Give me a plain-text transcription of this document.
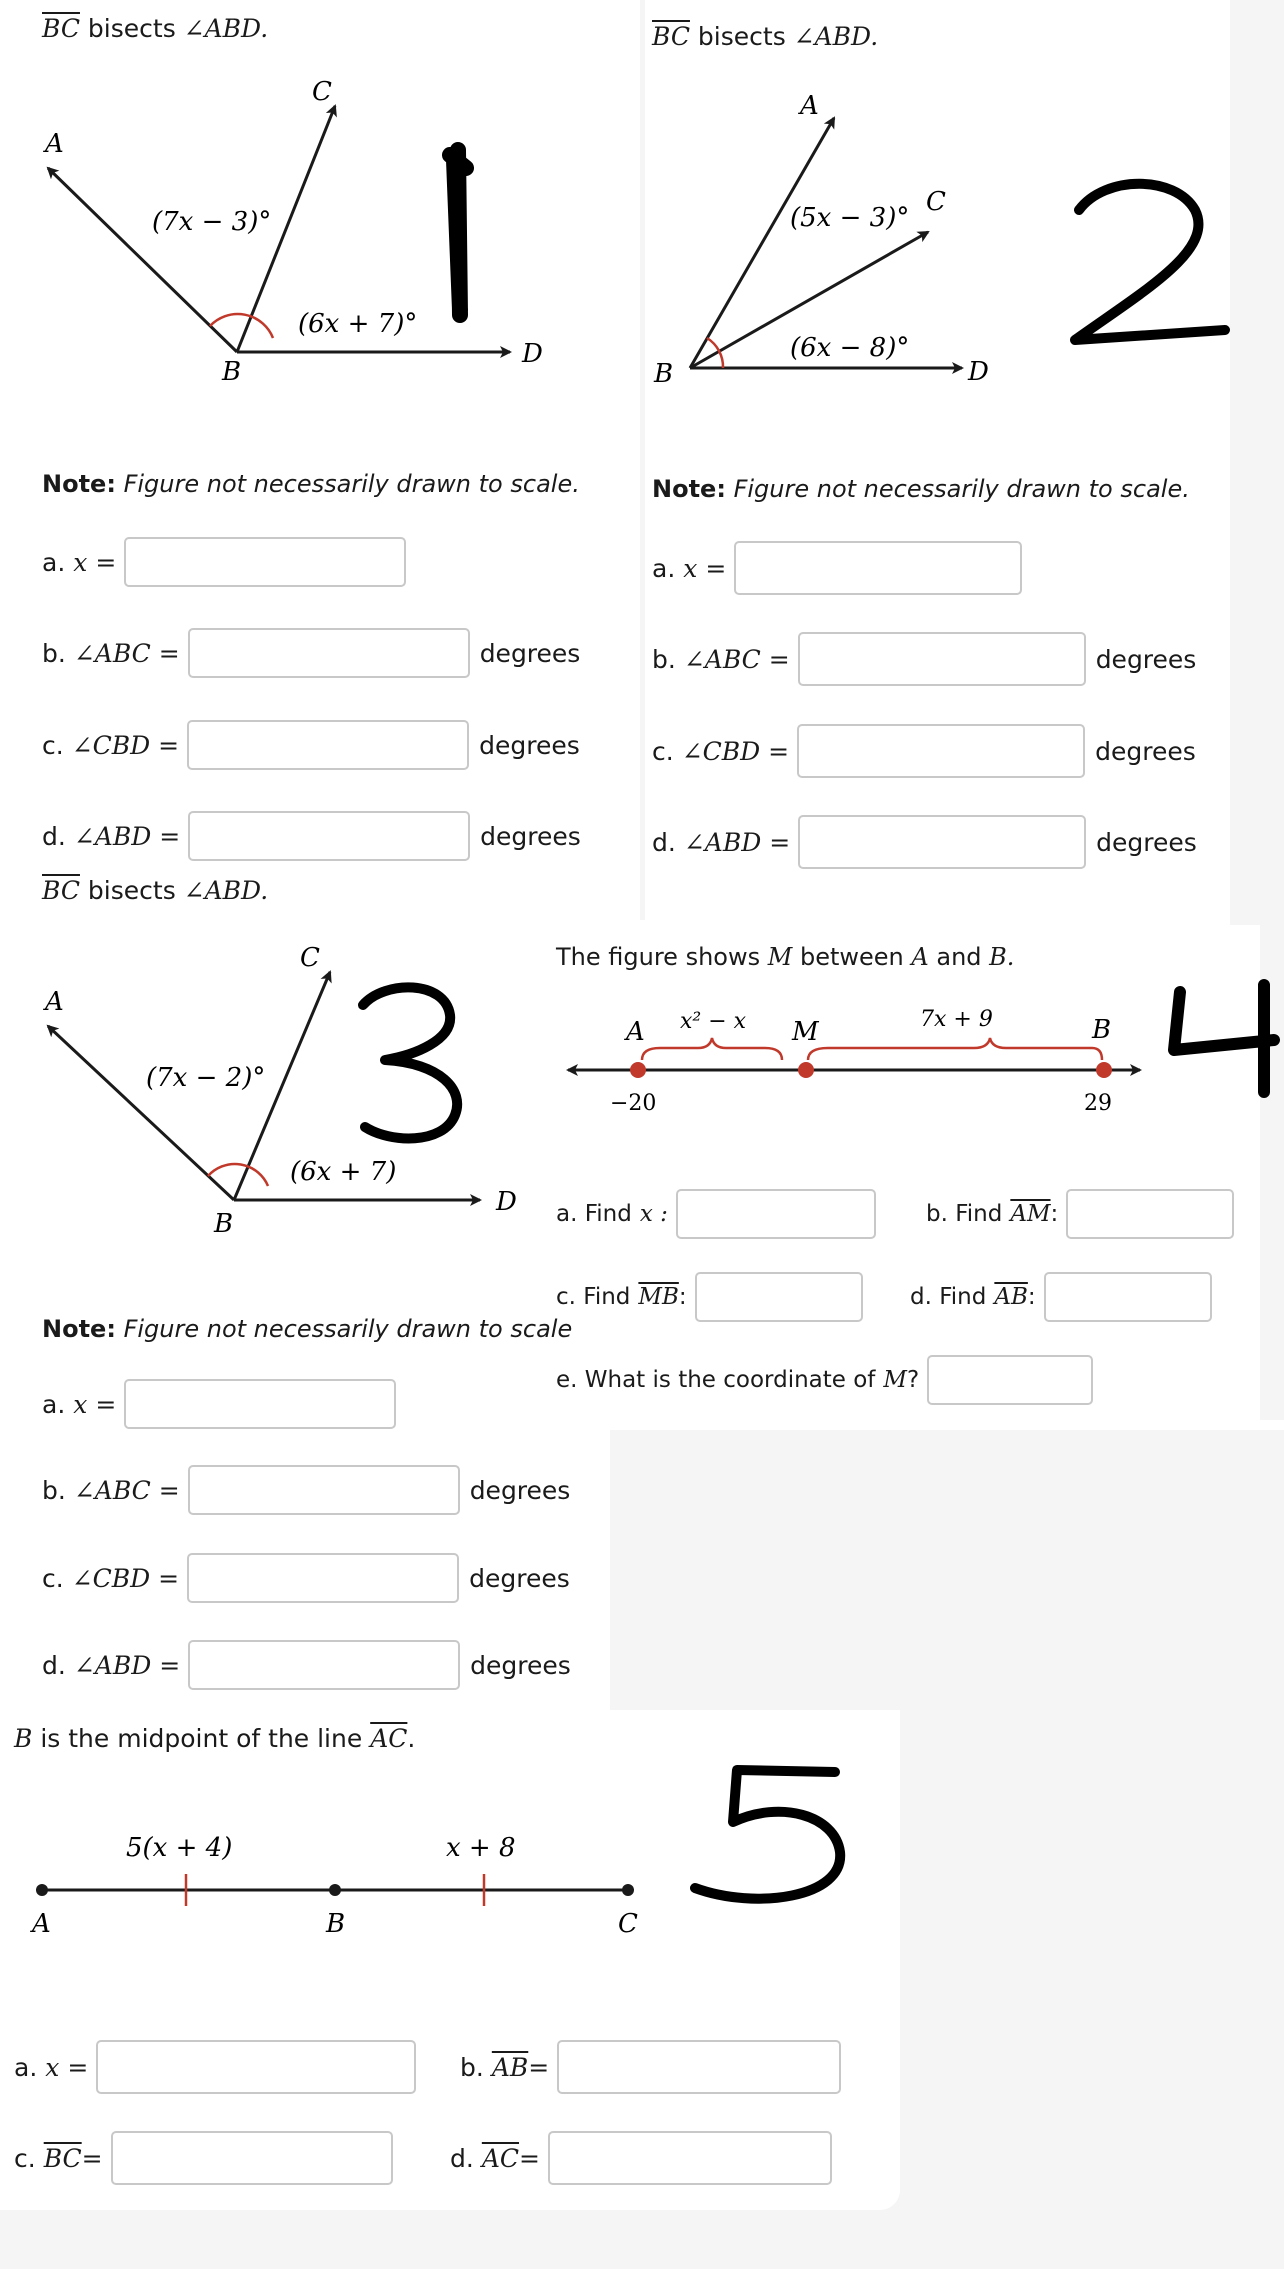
$\overline{BC}$ bisects ∠ABD.
A
C
B
D
(7x − 3)°
(6x + 7)°
Note: Figure not necessarily drawn to scale.
a. x =
b. ∠ABC =	degrees
c. ∠CBD =	degrees
d. ∠ABD =	degrees
$\overline{BC}$ bisects ∠ABD.
A
C
B	D
(5x − 3)°
(6x − 8)°
Note: Figure not necessarily drawn to scale.
a. x =
b. ∠ABC =	degrees
c. ∠CBD =	degrees
d. ∠ABD =	degrees
$\overline{BC}$ bisects ∠ABD.
A
C
B
D
(7x − 2)°
(6x + 7)
Note: Figure not necessarily drawn to scale
a. x =
b. ∠ABC =	degrees
c. ∠CBD =	degrees
d. ∠ABD =	degrees
The figure shows M between A and B.
A	M	B
x² − x	7x + 9
−20	29
a. Find x :	b. Find $\overline{AM}$ :
c. Find $\overline{MB}$ :	d. Find $\overline{AB}$ :
e. What is the coordinate of M ?
B is the midpoint of the line $\overline{AC}$.
A	B	C
5(x + 4)	x + 8
a. x =	b. $\overline{AB}$ =
c. $\overline{BC}$ =	d. $\overline{AC}$ =
